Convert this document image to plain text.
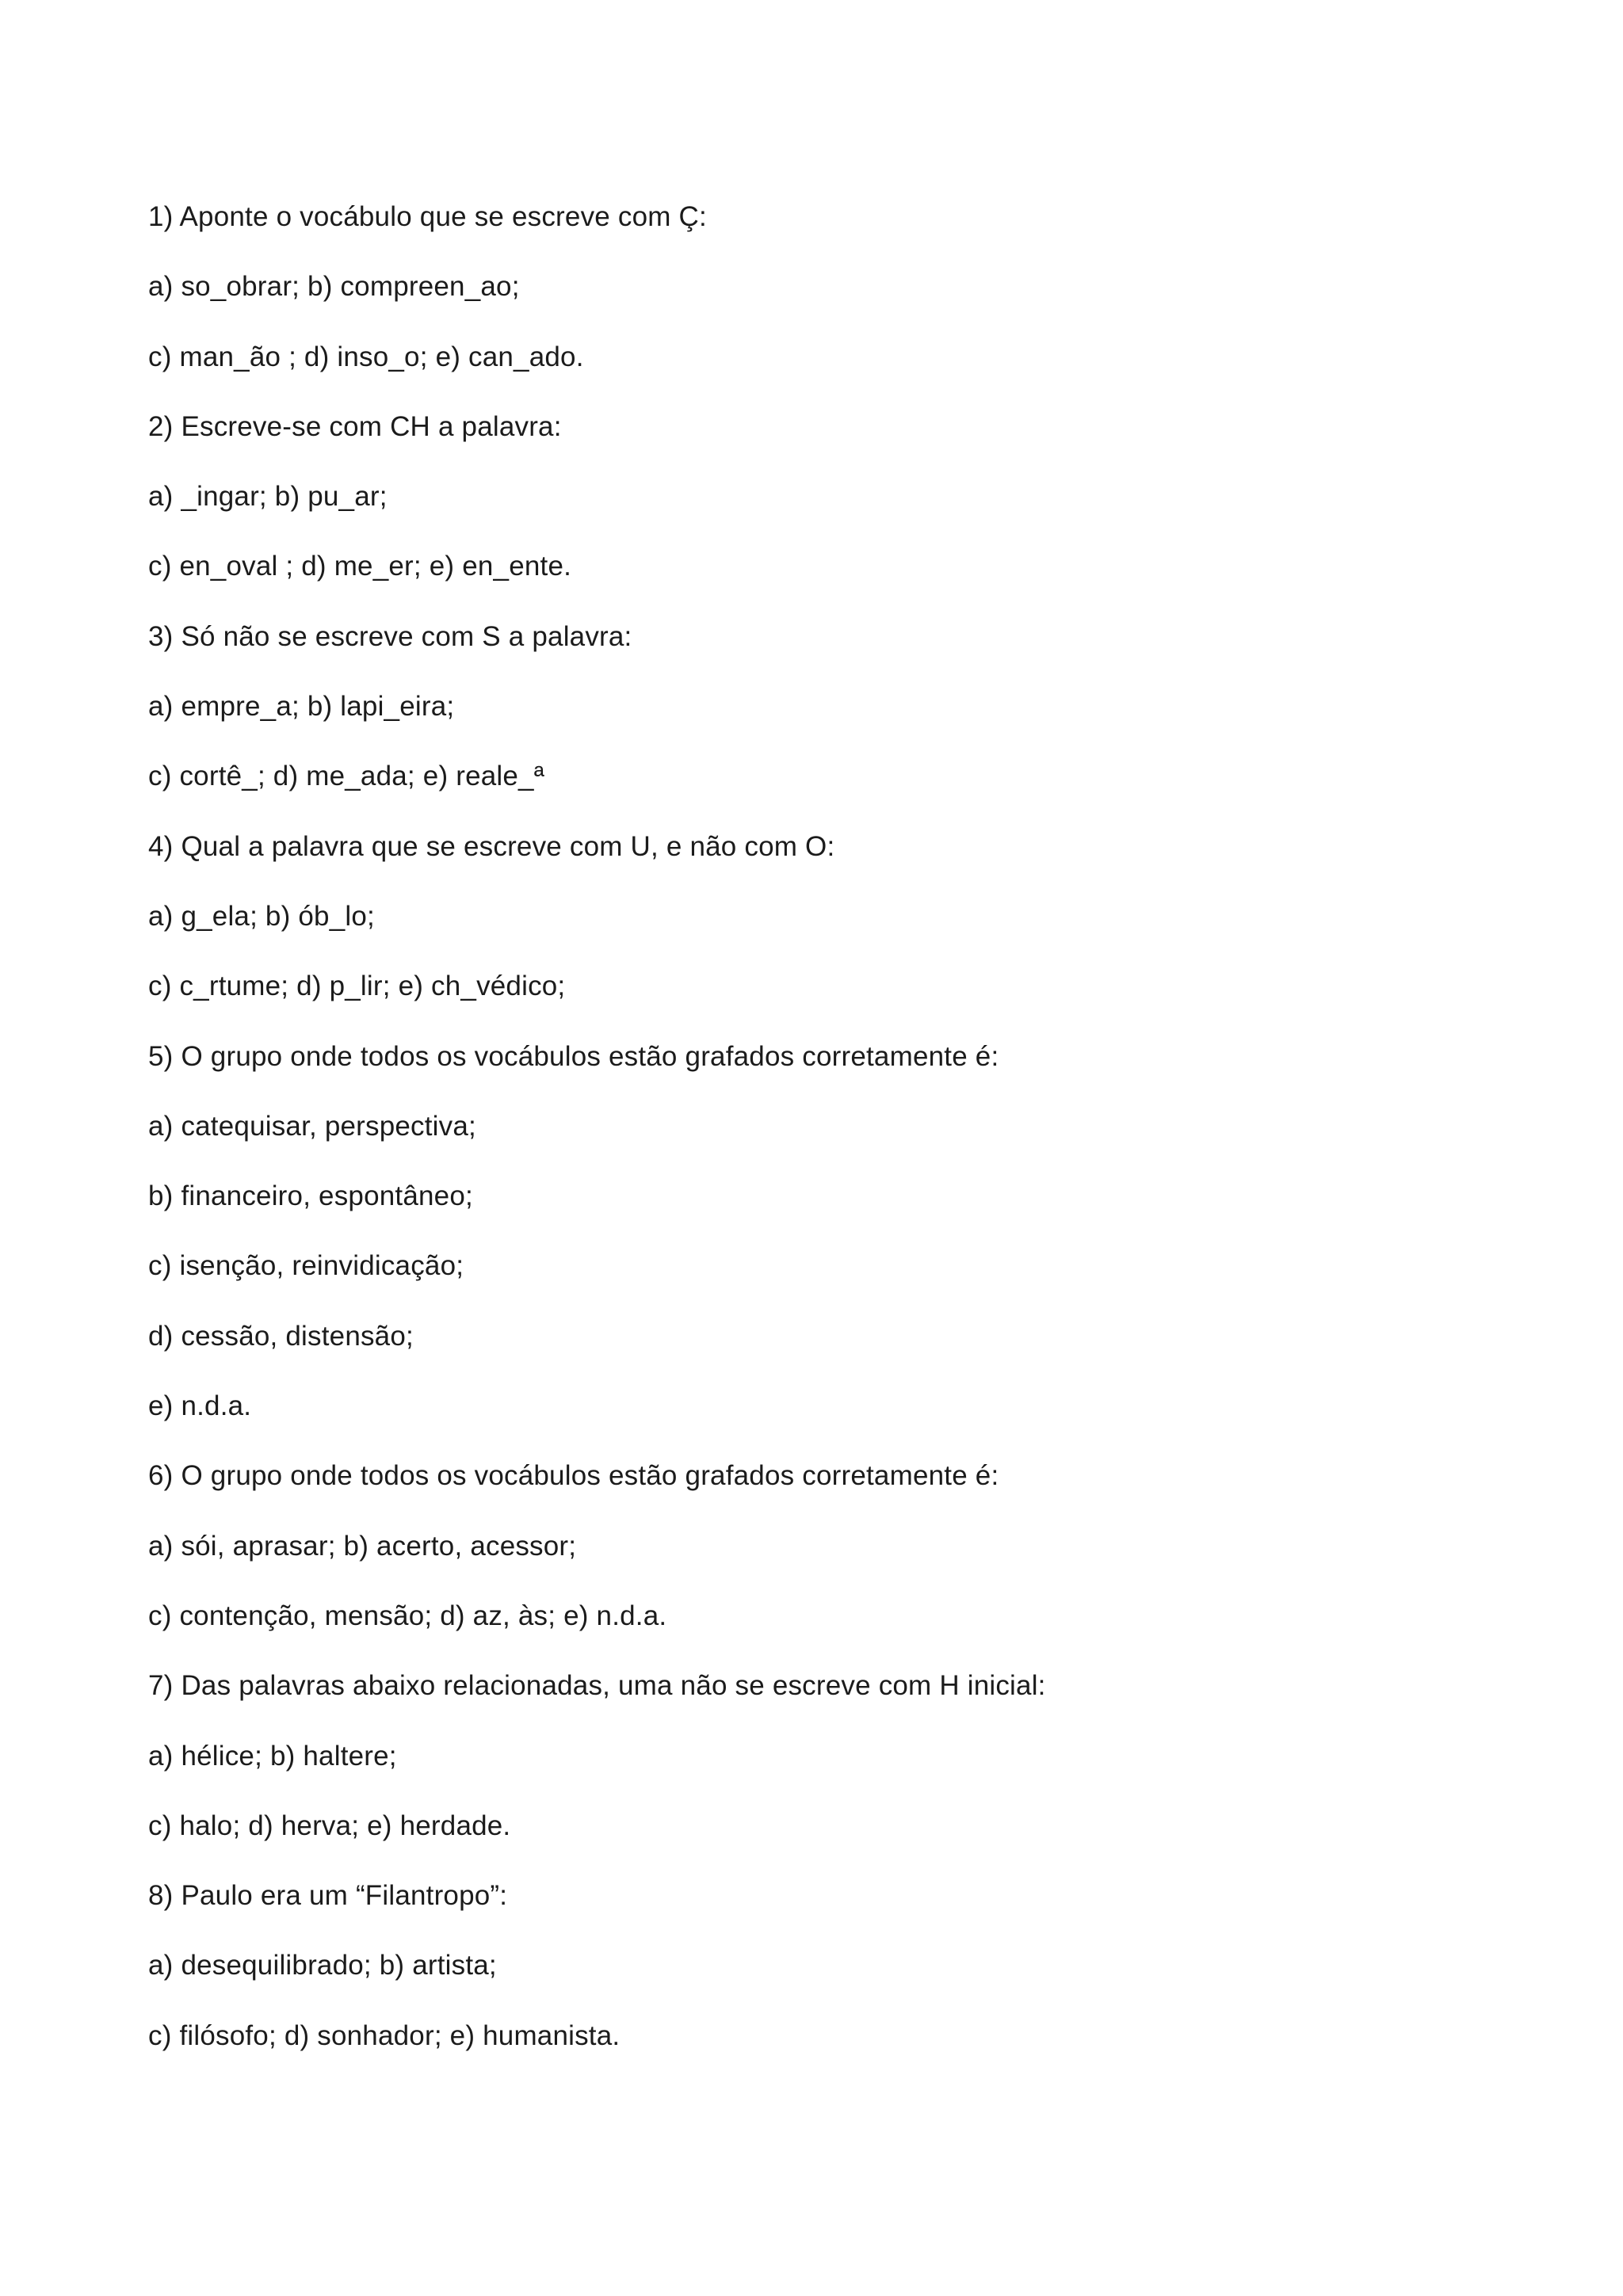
1) Aponte o vocábulo que se escreve com Ç:
a) so_obrar; b) compreen_ao;
c) man_ão ; d) inso_o; e) can_ado.
2) Escreve-se com CH a palavra:
a) _ingar; b) pu_ar;
c) en_oval ; d) me_er; e) en_ente.
3) Só não se escreve com S a palavra:
a) empre_a; b) lapi_eira;
c) cortê_; d) me_ada; e) reale_ª
4) Qual a palavra que se escreve com U, e não com O:
a) g_ela; b) ób_lo;
c) c_rtume; d) p_lir; e) ch_védico;
5) O grupo onde todos os vocábulos estão grafados corretamente é:
a) catequisar, perspectiva;
b) financeiro, espontâneo;
c) isenção, reinvidicação;
d) cessão, distensão;
e) n.d.a.
6) O grupo onde todos os vocábulos estão grafados corretamente é:
a) sói, aprasar; b) acerto, acessor;
c) contenção, mensão; d) az, às; e) n.d.a.
7) Das palavras abaixo relacionadas, uma não se escreve com H inicial:
a) hélice; b) haltere;
c) halo; d) herva; e) herdade.
8) Paulo era um “Filantropo”:
a) desequilibrado; b) artista;
c) filósofo; d) sonhador; e) humanista.
